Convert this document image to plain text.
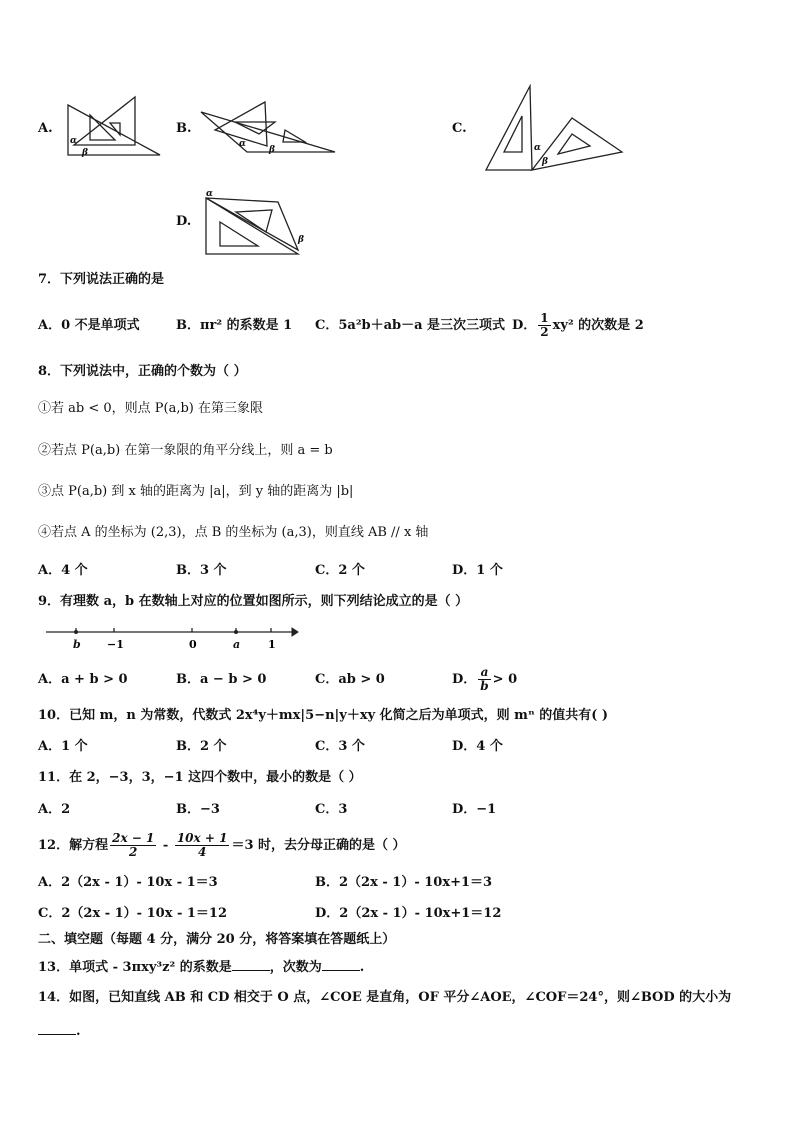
A.
α
β
B.
α
β
C.
α
β
D.
α
β
7．下列说法正确的是
A．0 不是单项式	B．πr² 的系数是 1 C．5a²b＋ab－a 是三次三项式 D． $\frac{1}{2} xy^2$ 的次数是 2
8．下列说法中，正确的个数为（ ）
①若 ab < 0，则点 P(a,b) 在第三象限
②若点 P(a,b) 在第一象限的角平分线上，则 a = b
③点 P(a,b) 到 x 轴的距离为 |a|，到 y 轴的距离为 |b|
④若点 A 的坐标为 (2,3)，点 B 的坐标为 (a,3)，则直线 AB // x 轴
A．4 个	B．3 个	C．2 个	D．1 个
9．有理数 a，b 在数轴上对应的位置如图所示，则下列结论成立的是（ ）
b −1	0	a	1
A．a + b > 0	B．a − b > 0	C．ab > 0	D． $\frac{a}{b} > 0$
10．已知 m，n 为常数，代数式 2x⁴y＋mx|5−n|y＋xy 化简之后为单项式，则 mⁿ 的值共有( )
A．1 个	B．2 个	C．3 个	D．4 个
11．在 2，−3，3，−1 这四个数中，最小的数是（ ）
A．2	B．−3	C．3	D．−1
12．解方程 $\frac{2x - 1}{2} - \frac{10x + 1}{4} =3$ 时，去分母正确的是（ ）
A．2（2x - 1）- 10x - 1＝3	B．2（2x - 1）- 10x+1＝3
C．2（2x - 1）- 10x - 1＝12	D．2（2x - 1）- 10x+1＝12
二、填空题（每题 4 分，满分 20 分，将答案填在答题纸上）
13．单项式 - 3πxy³z² 的系数是	，次数为	.
14．如图，已知直线 AB 和 CD 相交于 O 点，∠COE 是直角，OF 平分∠AOE，∠COF＝24°，则∠BOD 的大小为
.
